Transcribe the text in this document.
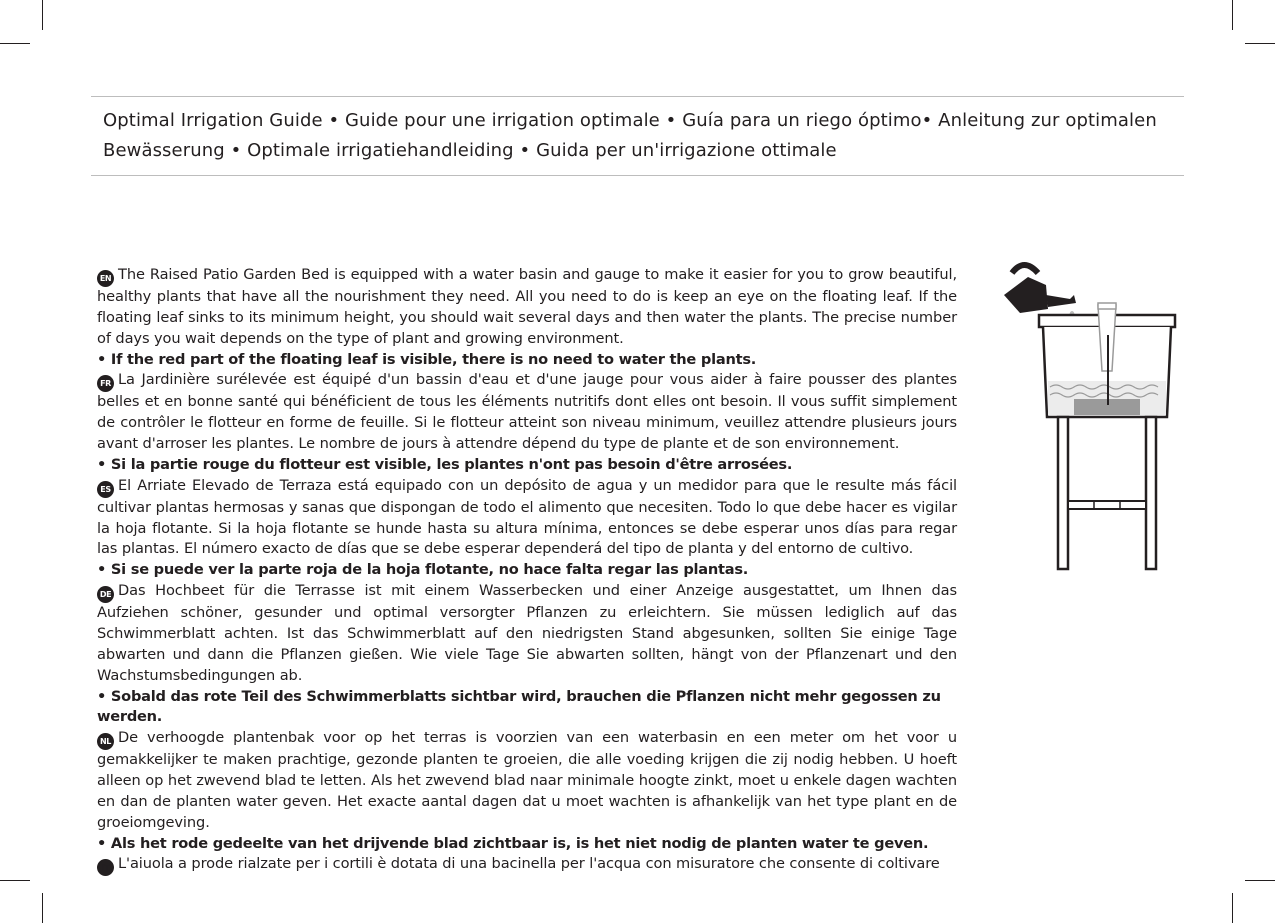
Optimal Irrigation Guide • Guide pour une irrigation optimale • Guía para un riego óptimo• Anleitung zur optimalen Bewässerung • Optimale irrigatiehandleiding • Guida per un'irrigazione ottimale

EN The Raised Patio Garden Bed is equipped with a water basin and gauge to make it easier for you to grow beautiful, healthy plants that have all the nourishment they need. All you need to do is keep an eye on the floating leaf. If the floating leaf sinks to its minimum height, you should wait several days and then water the plants. The precise number of days you wait depends on the type of plant and growing environment.

• If the red part of the floating leaf is visible, there is no need to water the plants.

FR La Jardinière surélevée est équipé d'un bassin d'eau et d'une jauge pour vous aider à faire pousser des plantes belles et en bonne santé qui bénéficient de tous les éléments nutritifs dont elles ont besoin. Il vous suffit simplement de contrôler le flotteur en forme de feuille. Si le flotteur atteint son niveau minimum, veuillez attendre plusieurs jours avant d'arroser les plantes. Le nombre de jours à attendre dépend du type de plante et de son environnement.

• Si la partie rouge du flotteur est visible, les plantes n'ont pas besoin d'être arrosées.

ES El Arriate Elevado de Terraza está equipado con un depósito de agua y un medidor para que le resulte más fácil cultivar plantas hermosas y sanas que dispongan de todo el alimento que necesiten. Todo lo que debe hacer es vigilar la hoja flotante. Si la hoja flotante se hunde hasta su altura mínima, entonces se debe esperar unos días para regar las plantas. El número exacto de días que se debe esperar dependerá del tipo de planta y del entorno de cultivo.

• Si se puede ver la parte roja de la hoja flotante, no hace falta regar las plantas.

DE Das Hochbeet für die Terrasse ist mit einem Wasserbecken und einer Anzeige ausgestattet, um Ihnen das Aufziehen schöner, gesunder und optimal versorgter Pflanzen zu erleichtern. Sie müssen lediglich auf das Schwimmerblatt achten. Ist das Schwimmerblatt auf den niedrigsten Stand abgesunken, sollten Sie einige Tage abwarten und dann die Pflanzen gießen. Wie viele Tage Sie abwarten sollten, hängt von der Pflanzenart und den Wachstumsbedingungen ab.

• Sobald das rote Teil des Schwimmerblatts sichtbar wird, brauchen die Pflanzen nicht mehr gegossen zu werden.

NL De verhoogde plantenbak voor op het terras is voorzien van een waterbasin en een meter om het voor u gemakkelijker te maken prachtige, gezonde planten te groeien, die alle voeding krijgen die zij nodig hebben. U hoeft alleen op het zwevend blad te letten. Als het zwevend blad naar minimale hoogte zinkt, moet u enkele dagen wachten en dan de planten water geven. Het exacte aantal dagen dat u moet wachten is afhankelijk van het type plant en de groeiomgeving.

• Als het rode gedeelte van het drijvende blad zichtbaar is, is het niet nodig de planten water te geven.

IT L'aiuola a prode rialzate per i cortili è dotata di una bacinella per l'acqua con misuratore che consente di coltivare
